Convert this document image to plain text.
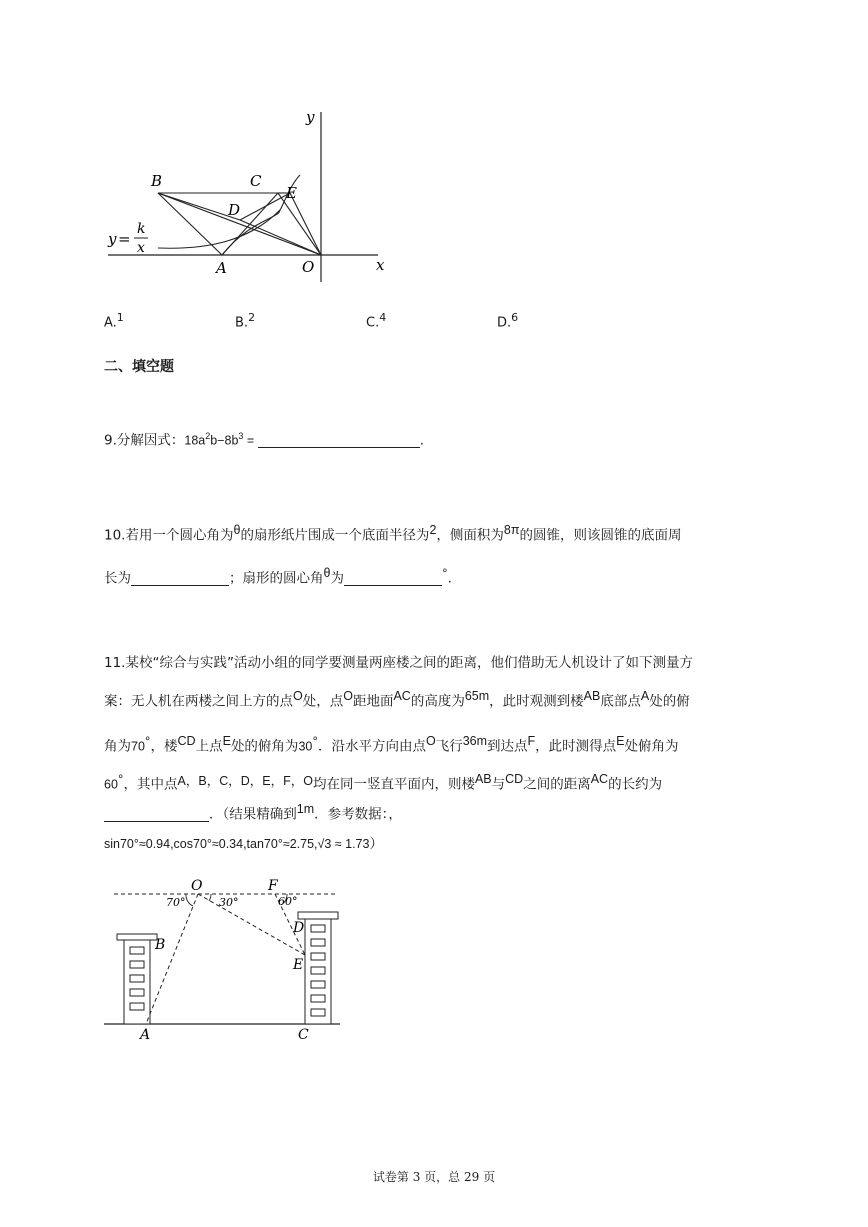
y
x
O
A
B	C
D
E
y =
k
x
A.$^1$	B.$^2$	C.$^4$	D.$^6$
二、填空题
9.分解因式：$18a^2b-8b^3$ =	.
10.若用一个圆心角为$^\theta$的扇形纸片围成一个底面半径为$^2$，侧面积为$^{8\pi}$的圆锥，则该圆锥的底面周
长为	；扇形的圆心角$^\theta$为	°.
11.某校“综合与实践”活动小组的同学要测量两座楼之间的距离，他们借助无人机设计了如下测量方
案：无人机在两楼之间上方的点$^O$处，点$^O$距地面$^{AC}$的高度为$^{65m}$，此时观测到楼$^{AB}$底部点$^A$处的俯
角为70°，楼$^{CD}$上点$^E$处的俯角为30°．沿水平方向由点$^O$飞行$^{36m}$到达点$^F$，此时测得点$^E$处俯角为
60°，其中点A，B，C，D，E，F，O均在同一竖直平面内，则楼$^{AB}$与$^{CD}$之间的距离$^{AC}$的长约为
．（结果精确到$^{1m}$．参考数据：，
sin70°≈0.94,cos70°≈0.34,tan70°≈2.75,√3 ≈ 1.73）
O	F
70°	30°	60°
B
D
E
A	C
试卷第 3 页，总 29 页
